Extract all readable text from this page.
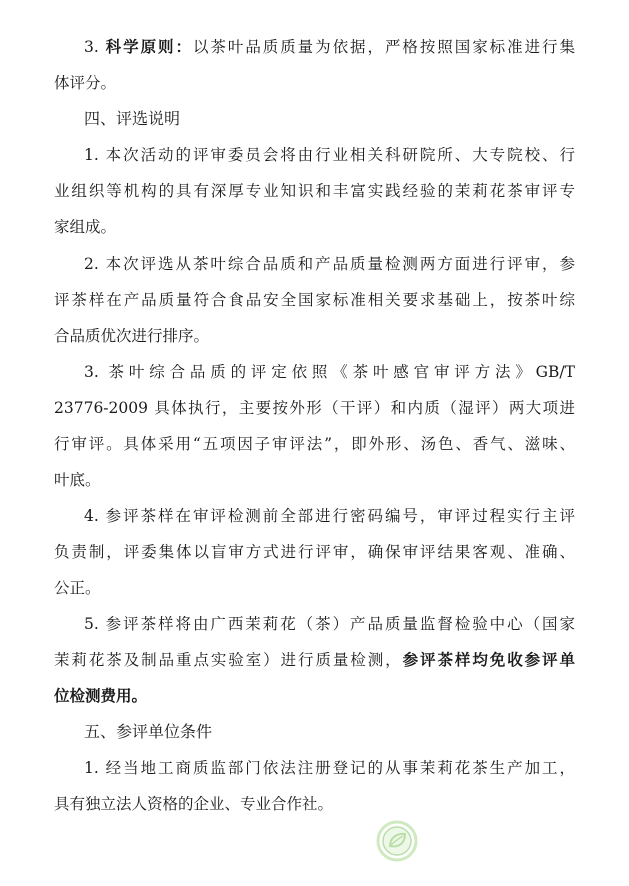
3. 科学原则：以茶叶品质质量为依据，严格按照国家标准进行集

体评分。

四、评选说明

1. 本次活动的评审委员会将由行业相关科研院所、大专院校、行

业组织等机构的具有深厚专业知识和丰富实践经验的茉莉花茶审评专

家组成。

2. 本次评选从茶叶综合品质和产品质量检测两方面进行评审，参

评茶样在产品质量符合食品安全国家标准相关要求基础上，按茶叶综

合品质优次进行排序。

3. 茶叶综合品质的评定依照《茶叶感官审评方法》GB/T

23776-2009 具体执行，主要按外形（干评）和内质（湿评）两大项进

行审评。具体采用“五项因子审评法”，即外形、汤色、香气、滋味、

叶底。

4. 参评茶样在审评检测前全部进行密码编号，审评过程实行主评

负责制，评委集体以盲审方式进行评审，确保审评结果客观、准确、

公正。

5. 参评茶样将由广西茉莉花（茶）产品质量监督检验中心（国家

茉莉花茶及制品重点实验室）进行质量检测，参评茶样均免收参评单

位检测费用。

五、参评单位条件

1. 经当地工商质监部门依法注册登记的从事茉莉花茶生产加工，

具有独立法人资格的企业、专业合作社。
